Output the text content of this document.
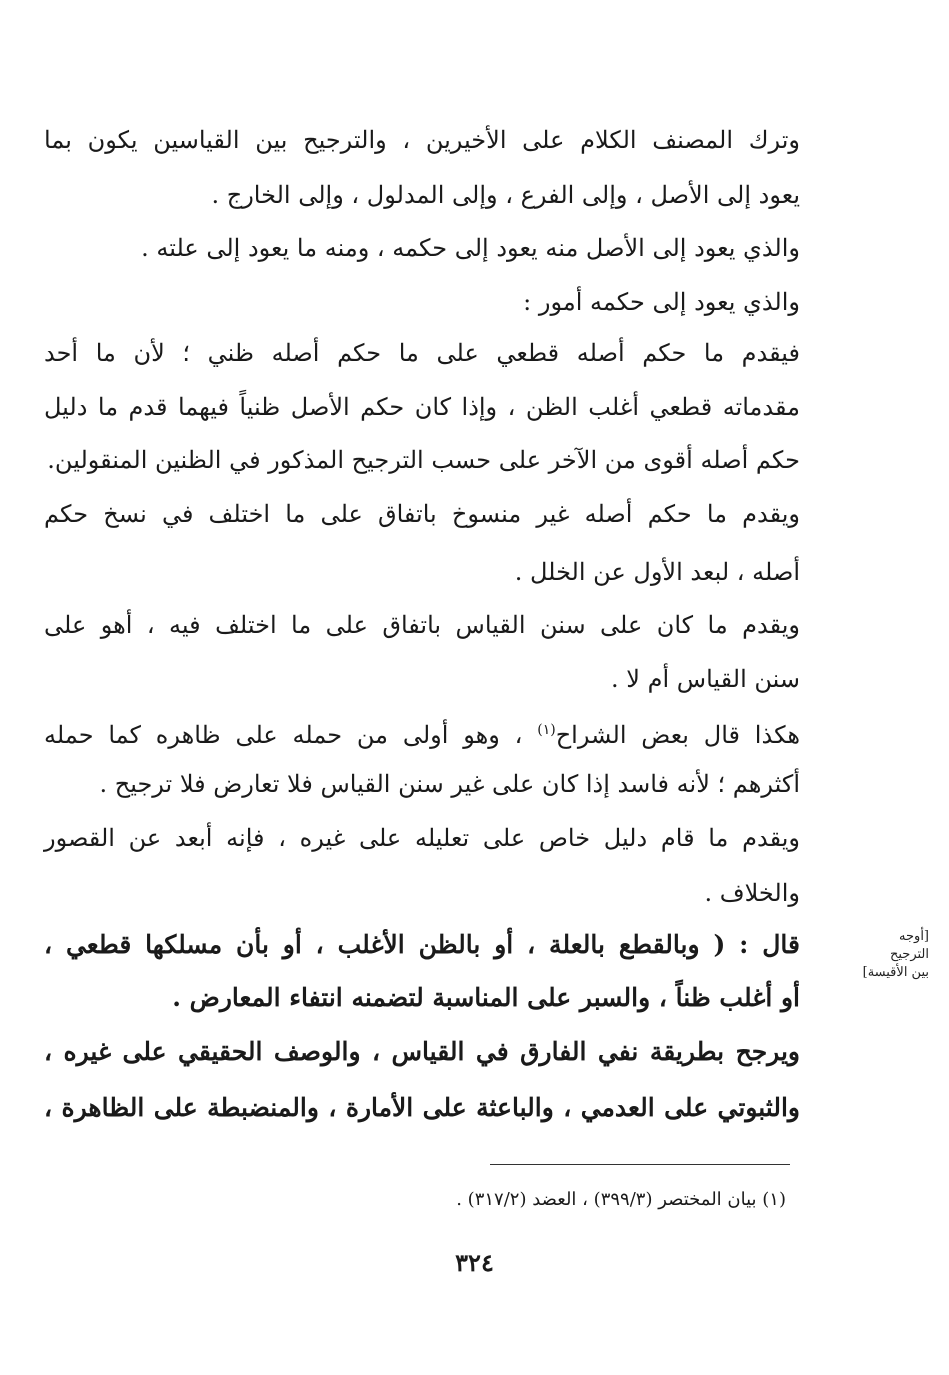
وترك المصنف الكلام على الأخيرين ، والترجيح بين القياسين يكون بما
يعود إلى الأصل ، وإلى الفرع ، وإلى المدلول ، وإلى الخارج .
والذي يعود إلى الأصل منه يعود إلى حكمه ، ومنه ما يعود إلى علته .
والذي يعود إلى حكمه أمور :
فيقدم ما حكم أصله قطعي على ما حكم أصله ظني ؛ لأن ما أحد
مقدماته قطعي أغلب الظن ، وإذا كان حكم الأصل ظنياً فيهما قدم ما دليل
حكم أصله أقوى من الآخر على حسب الترجيح المذكور في الظنين المنقولين.
ويقدم ما حكم أصله غير منسوخ باتفاق على ما اختلف في نسخ حكم
أصله ، لبعد الأول عن الخلل .
ويقدم ما كان على سنن القياس باتفاق على ما اختلف فيه ، أهو على
سنن القياس أم لا .
هكذا قال بعض الشراح$^{(١)}$ ، وهو أولى من حمله على ظاهره كما حمله
أكثرهم ؛ لأنه فاسد إذا كان على غير سنن القياس فلا تعارض فلا ترجيح .
ويقدم ما قام دليل خاص على تعليله على غيره ، فإنه أبعد عن القصور
والخلاف .
قال : ( وبالقطع بالعلة ، أو بالظن الأغلب ، أو بأن مسلكها قطعي ،
أو أغلب ظناً ، والسبر على المناسبة لتضمنه انتفاء المعارض .
ويرجح بطريقة نفي الفارق في القياس ، والوصف الحقيقي على غيره ،
والثبوتي على العدمي ، والباعثة على الأمارة ، والمنضبطة على الظاهرة ،
[أوجه
الترجيح
بين الأقيسة]
(١) بيان المختصر (٣٩٩/٣) ، العضد (٣١٧/٢) .
٣٢٤
